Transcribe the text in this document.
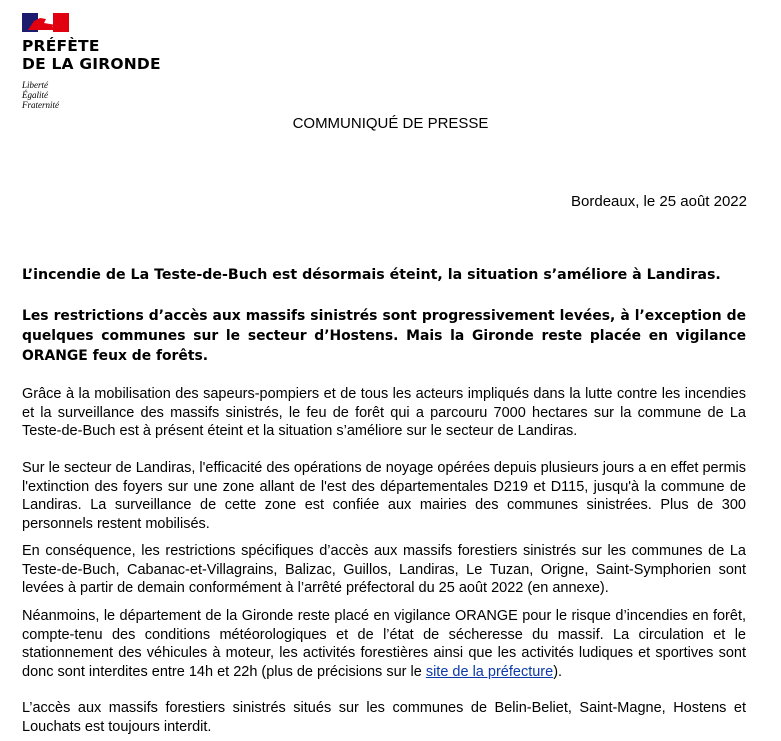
PRÉFÈTE
DE LA GIRONDE
Liberté
Égalité
Fraternité
COMMUNIQUÉ DE PRESSE
Bordeaux, le 25 août 2022
L’incendie de La Teste-de-Buch est désormais éteint, la situation s’améliore à Landiras.
Les restrictions d’accès aux massifs sinistrés sont progressivement levées, à l’exception de quelques communes sur le secteur d’Hostens. Mais la Gironde reste placée en vigilance ORANGE feux de forêts.
Grâce à la mobilisation des sapeurs-pompiers et de tous les acteurs impliqués dans la lutte contre les incendies et la surveillance des massifs sinistrés, le feu de forêt qui a parcouru 7000 hectares sur la commune de La Teste-de-Buch est à présent éteint et la situation s’améliore sur le secteur de Landiras.
Sur le secteur de Landiras, l'efficacité des opérations de noyage opérées depuis plusieurs jours a en effet permis l'extinction des foyers sur une zone allant de l'est des départementales D219 et D115, jusqu'à la commune de Landiras. La surveillance de cette zone est confiée aux mairies des communes sinistrées. Plus de 300 personnels restent mobilisés.
En conséquence, les restrictions spécifiques d’accès aux massifs forestiers sinistrés sur les communes de La Teste-de-Buch, Cabanac-et-Villagrains, Balizac, Guillos, Landiras, Le Tuzan, Origne, Saint-Symphorien sont levées à partir de demain conformément à l’arrêté préfectoral du 25 août 2022 (en annexe).
Néanmoins, le département de la Gironde reste placé en vigilance ORANGE pour le risque d’incendies en forêt, compte-tenu des conditions météorologiques et de l’état de sécheresse du massif. La circulation et le stationnement des véhicules à moteur, les activités forestières ainsi que les activités ludiques et sportives sont donc sont interdites entre 14h et 22h (plus de précisions sur le site de la préfecture).
L’accès aux massifs forestiers sinistrés situés sur les communes de Belin-Beliet, Saint-Magne, Hostens et Louchats est toujours interdit.
